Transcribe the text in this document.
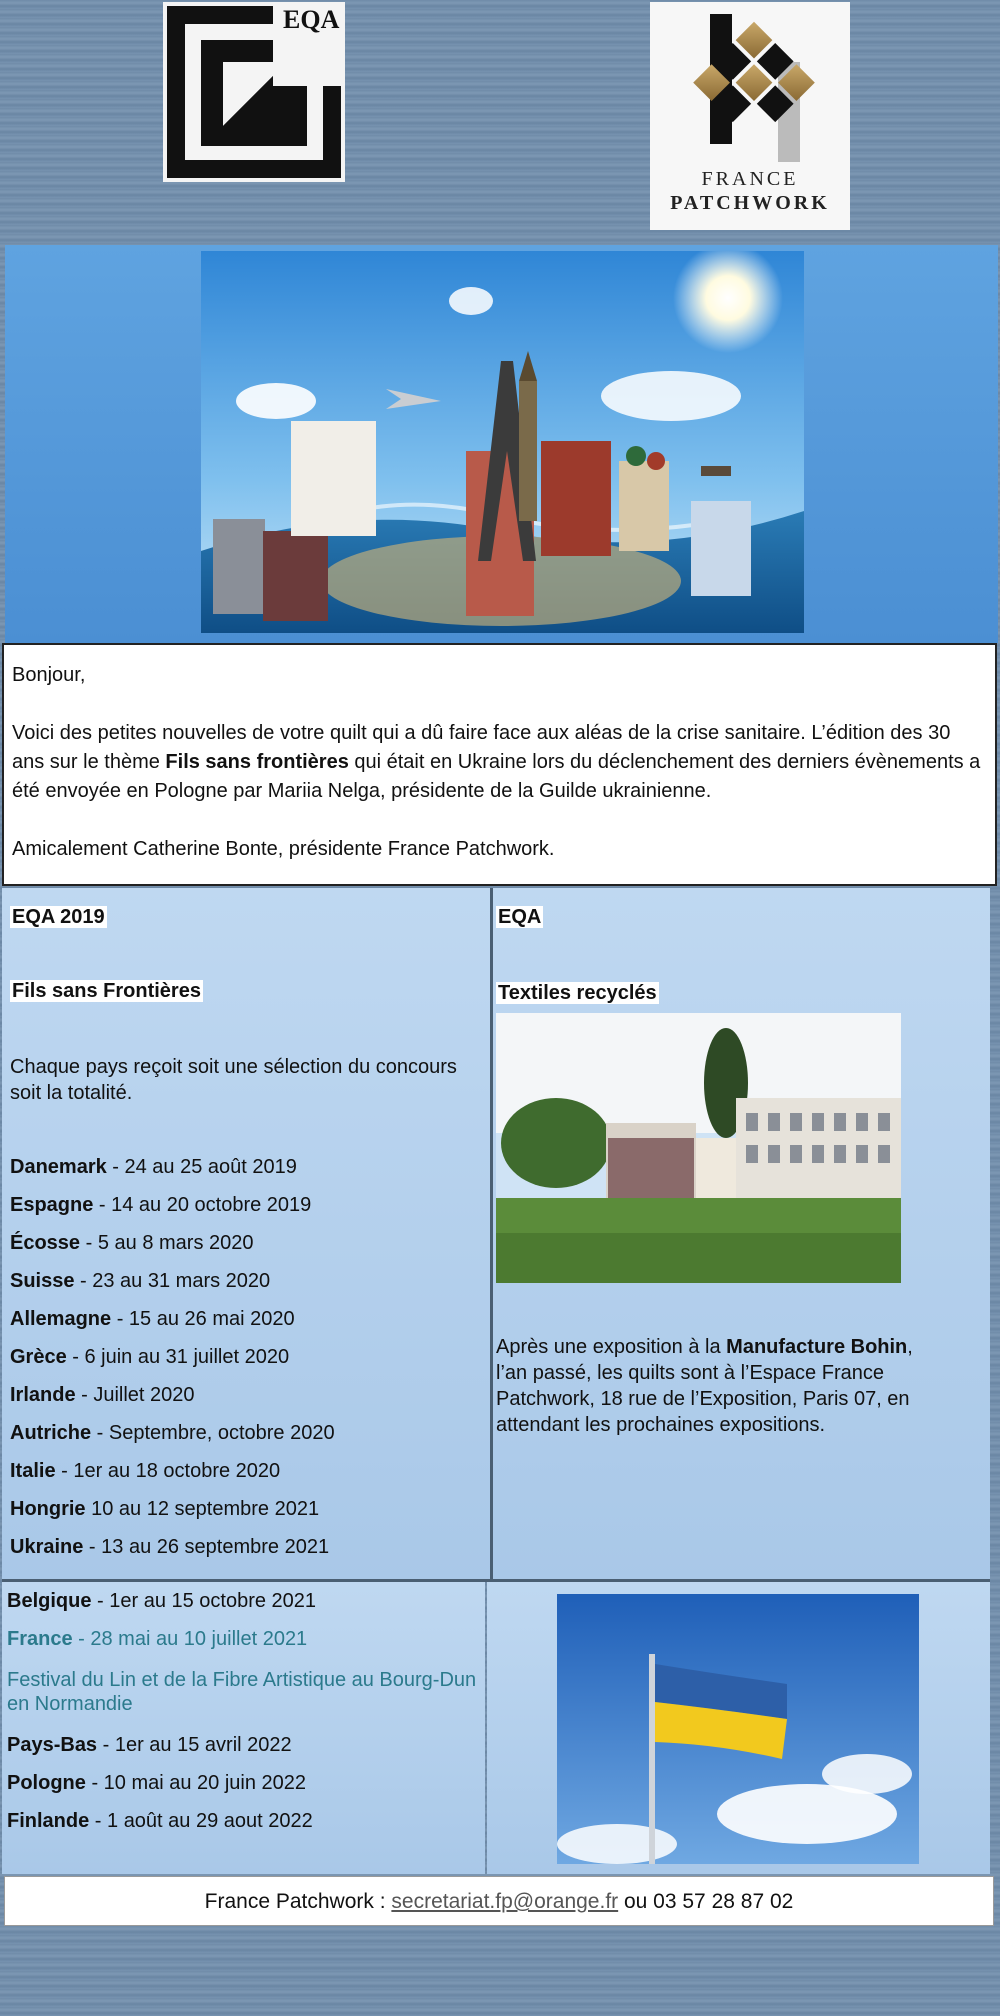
EQA
FRANCE
PATCHWORK

Bonjour,

Voici des petites nouvelles de votre quilt qui a dû faire face aux aléas de la crise sanitaire. L’édition des 30 ans sur le thème Fils sans frontières qui était en Ukraine lors du déclenchement des derniers évènements a été envoyée en Pologne par Mariia Nelga, présidente de la Guilde ukrainienne.

Amicalement Catherine Bonte, présidente France Patchwork.

EQA 2019
Fils sans Frontières
Chaque pays reçoit soit une sélection du concours soit la totalité.
Danemark - 24 au 25 août 2019
Espagne - 14 au 20 octobre 2019
Écosse - 5 au 8 mars 2020
Suisse - 23 au 31 mars 2020
Allemagne - 15 au 26 mai 2020
Grèce - 6 juin au 31 juillet 2020
Irlande - Juillet 2020
Autriche - Septembre, octobre 2020
Italie - 1er au 18 octobre 2020
Hongrie 10 au 12 septembre 2021
Ukraine - 13 au 26 septembre 2021
EQA
Textiles recyclés
Après une exposition à la Manufacture Bohin, l’an passé, les quilts sont à l’Espace France Patchwork, 18 rue de l’Exposition, Paris 07, en attendant les prochaines expositions.
Belgique - 1er au 15 octobre 2021
France - 28 mai au 10 juillet 2021
Festival du Lin et de la Fibre Artistique au Bourg-Dun en Normandie
Pays-Bas - 1er au 15 avril 2022
Pologne - 10 mai au 20 juin 2022
Finlande - 1 août au 29 aout 2022
France Patchwork : secretariat.fp@orange.fr ou 03 57 28 87 02
